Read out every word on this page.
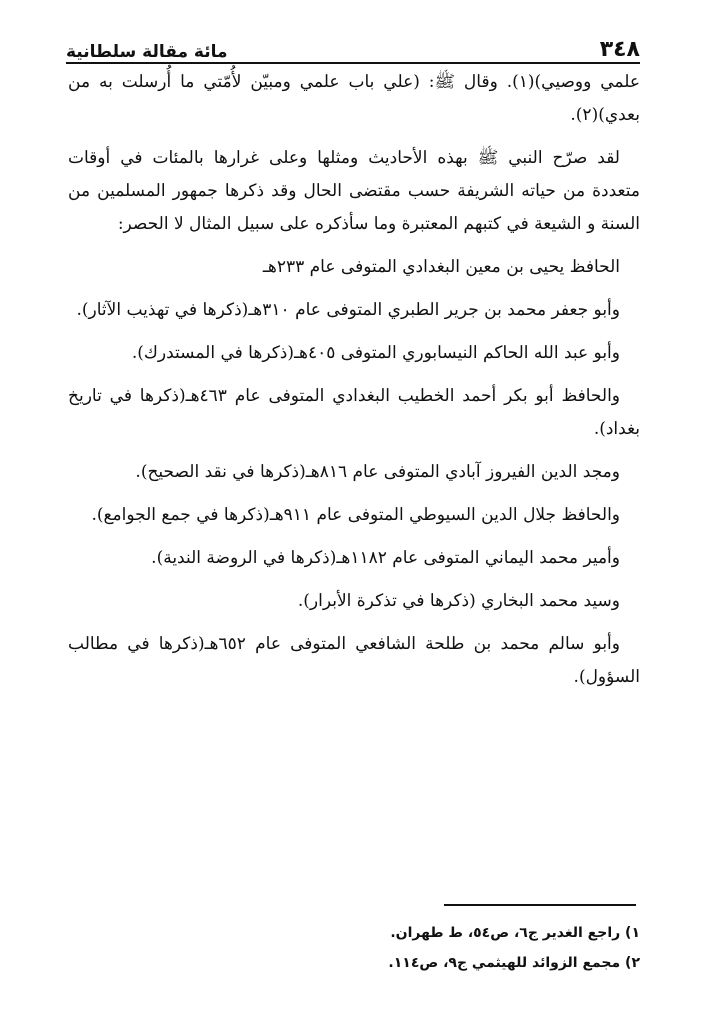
٣٤٨
مائة مقالة سلطانية

علمي ووصيي)(١). وقال ﷺ: (علي باب علمي ومبيّن لأُمّتي ما أُرسلت به من بعدي)(٢).

لقد صرّح النبي ﷺ بهذه الأحاديث ومثلها وعلى غرارها بالمئات في أوقات متعددة من حياته الشريفة حسب مقتضى الحال وقد ذكرها جمهور المسلمين من السنة و الشيعة في كتبهم المعتبرة وما سأذكره على سبيل المثال لا الحصر:

الحافظ يحيى بن معين البغدادي المتوفى عام ٢٣٣هـ

وأبو جعفر محمد بن جرير الطبري المتوفى عام ٣١٠هـ(ذكرها في تهذيب الآثار).

وأبو عبد الله الحاكم النيسابوري المتوفى ٤٠٥هـ(ذكرها في المستدرك).

والحافظ أبو بكر أحمد الخطيب البغدادي المتوفى عام ٤٦٣هـ(ذكرها في تاريخ بغداد).

ومجد الدين الفيروز آبادي المتوفى عام ٨١٦هـ(ذكرها في نقد الصحيح).

والحافظ جلال الدين السيوطي المتوفى عام ٩١١هـ(ذكرها في جمع الجوامع).

وأمير محمد اليماني المتوفى عام ١١٨٢هـ(ذكرها في الروضة الندية).

وسيد محمد البخاري (ذكرها في تذكرة الأبرار).

وأبو سالم محمد بن طلحة الشافعي المتوفى عام ٦٥٢هـ(ذكرها في مطالب السؤول).

١) راجع الغدير ج٦، ص٥٤، ط طهران.
٢) مجمع الزوائد للهيثمي ج٩، ص١١٤.
